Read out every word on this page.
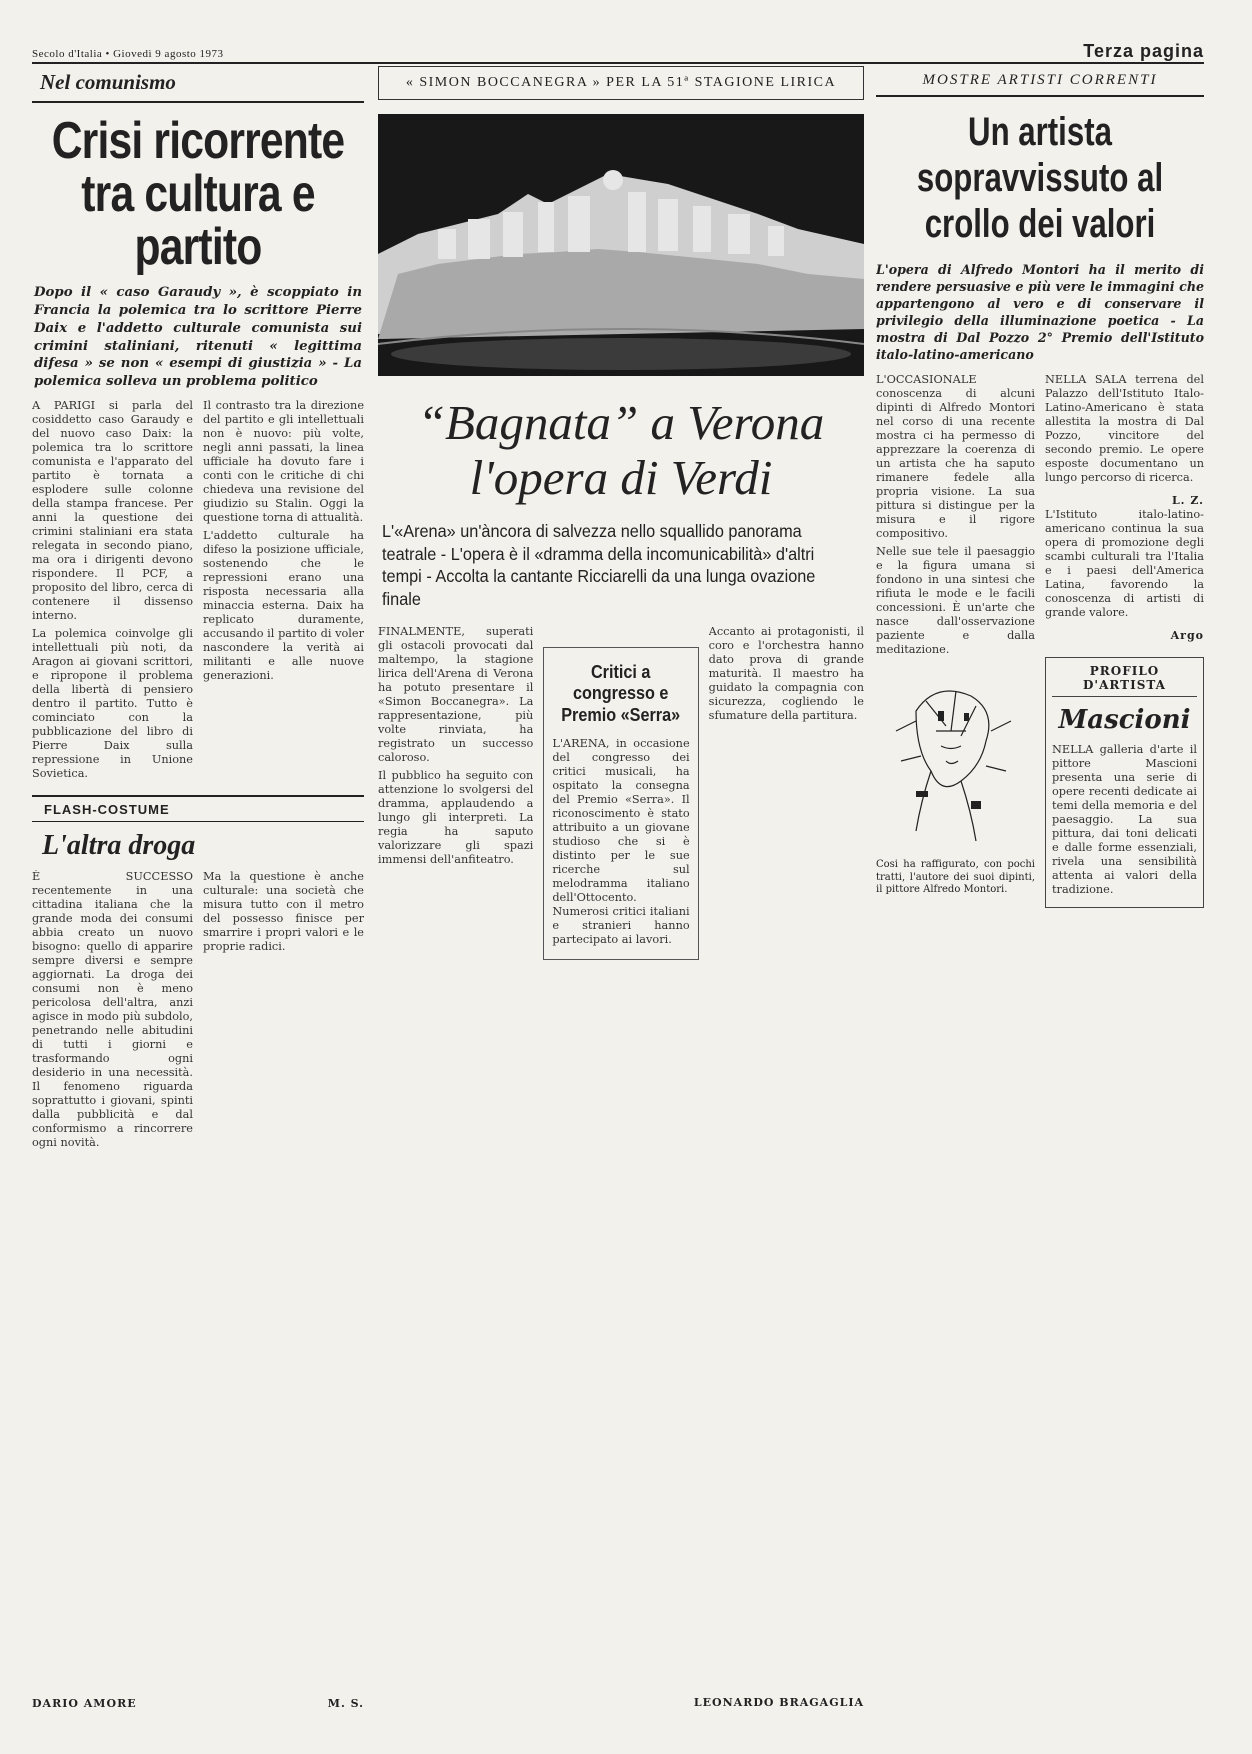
Secolo d'Italia • Giovedì 9 agosto 1973	Terza pagina
Nel comunismo
Crisi ricorrente tra cultura e partito
Dopo il « caso Garaudy », è scoppiato in Francia la polemica tra lo scrittore Pierre Daix e l'addetto culturale comunista sui crimini staliniani, ritenuti « legittima difesa » se non « esempi di giustizia » - La polemica solleva un problema politico

A PARIGI si parla del cosiddetto caso Garaudy e del nuovo caso Daix: la polemica tra lo scrittore comunista e l'apparato del partito è tornata a esplodere sulle colonne della stampa francese. Per anni la questione dei crimini staliniani era stata relegata in secondo piano, ma ora i dirigenti devono rispondere. Il PCF, a proposito del libro, cerca di contenere il dissenso interno.

La polemica coinvolge gli intellettuali più noti, da Aragon ai giovani scrittori, e ripropone il problema della libertà di pensiero dentro il partito. Tutto è cominciato con la pubblicazione del libro di Pierre Daix sulla repressione in Unione Sovietica.

Il contrasto tra la direzione del partito e gli intellettuali non è nuovo: più volte, negli anni passati, la linea ufficiale ha dovuto fare i conti con le critiche di chi chiedeva una revisione del giudizio su Stalin. Oggi la questione torna di attualità.

L'addetto culturale ha difeso la posizione ufficiale, sostenendo che le repressioni erano una risposta necessaria alla minaccia esterna. Daix ha replicato duramente, accusando il partito di voler nascondere la verità ai militanti e alle nuove generazioni.

FLASH-COSTUME
L'altra droga

È SUCCESSO recentemente in una cittadina italiana che la grande moda dei consumi abbia creato un nuovo bisogno: quello di apparire sempre diversi e sempre aggiornati. La droga dei consumi non è meno pericolosa dell'altra, anzi agisce in modo più subdolo, penetrando nelle abitudini di tutti i giorni e trasformando ogni desiderio in una necessità. Il fenomeno riguarda soprattutto i giovani, spinti dalla pubblicità e dal conformismo a rincorrere ogni novità.

Ma la questione è anche culturale: una società che misura tutto con il metro del possesso finisce per smarrire i propri valori e le proprie radici.

DARIO AMORE	M. S.
« SIMON BOCCANEGRA » PER LA 51ª STAGIONE LIRICA
“Bagnata” a Verona
l'opera di Verdi
L'«Arena» un'àncora di salvezza nello squallido panorama teatrale - L'opera è il «dramma della incomunicabilità» d'altri tempi - Accolta la cantante Ricciarelli da una lunga ovazione finale

FINALMENTE, superati gli ostacoli provocati dal maltempo, la stagione lirica dell'Arena di Verona ha potuto presentare il «Simon Boccanegra». La rappresentazione, più volte rinviata, ha registrato un successo caloroso.

Il pubblico ha seguito con attenzione lo svolgersi del dramma, applaudendo a lungo gli interpreti. La regia ha saputo valorizzare gli spazi immensi dell'anfiteatro.

Critici a congresso e Premio «Serra»

L'ARENA, in occasione del congresso dei critici musicali, ha ospitato la consegna del Premio «Serra». Il riconoscimento è stato attribuito a un giovane studioso che si è distinto per le sue ricerche sul melodramma italiano dell'Ottocento. Numerosi critici italiani e stranieri hanno partecipato ai lavori.

Accanto ai protagonisti, il coro e l'orchestra hanno dato prova di grande maturità. Il maestro ha guidato la compagnia con sicurezza, cogliendo le sfumature della partitura.

LEONARDO BRAGAGLIA
MOSTRE ARTISTI CORRENTI
Un artista sopravvissuto al crollo dei valori
L'opera di Alfredo Montori ha il merito di rendere persuasive e più vere le immagini che appartengono al vero e di conservare il privilegio della illuminazione poetica - La mostra di Dal Pozzo 2° Premio dell'Istituto italo-latino-americano

L'OCCASIONALE conoscenza di alcuni dipinti di Alfredo Montori nel corso di una recente mostra ci ha permesso di apprezzare la coerenza di un artista che ha saputo rimanere fedele alla propria visione. La sua pittura si distingue per la misura e il rigore compositivo.

Nelle sue tele il paesaggio e la figura umana si fondono in una sintesi che rifiuta le mode e le facili concessioni. È un'arte che nasce dall'osservazione paziente e dalla meditazione.

Cosi ha raffigurato, con pochi tratti, l'autore dei suoi dipinti, il pittore Alfredo Montori.

NELLA SALA terrena del Palazzo dell'Istituto Italo-Latino-Americano è stata allestita la mostra di Dal Pozzo, vincitore del secondo premio. Le opere esposte documentano un lungo percorso di ricerca.

L. Z.

L'Istituto italo-latino-americano continua la sua opera di promozione degli scambi culturali tra l'Italia e i paesi dell'America Latina, favorendo la conoscenza di artisti di grande valore.

Argo
PROFILO D'ARTISTA
Mascioni

NELLA galleria d'arte il pittore Mascioni presenta una serie di opere recenti dedicate ai temi della memoria e del paesaggio. La sua pittura, dai toni delicati e dalle forme essenziali, rivela una sensibilità attenta ai valori della tradizione.
